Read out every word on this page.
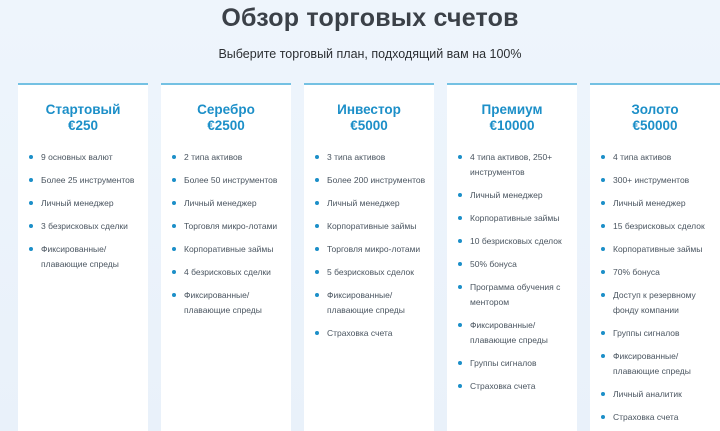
Обзор торговых счетов
Выберите торговый план, подходящий вам на 100%
Стартовый
€250
9 основных валют
Более 25 инструментов
Личный менеджер
3 безрисковых сделки
Фиксированные/ плавающие спреды
Серебро
€2500
2 типа активов
Более 50 инструментов
Личный менеджер
Торговля микро-лотами
Корпоративные займы
4 безрисковых сделки
Фиксированные/ плавающие спреды
Инвестор
€5000
3 типа активов
Более 200 инструментов
Личный менеджер
Корпоративные займы
Торговля микро-лотами
5 безрисковых сделок
Фиксированные/ плавающие спреды
Страховка счета
Премиум
€10000
4 типа активов, 250+ инструментов
Личный менеджер
Корпоративные займы
10 безрисковых сделок
50% бонуса
Программа обучения с ментором
Фиксированные/ плавающие спреды
Группы сигналов
Страховка счета
Золото
€50000
4 типа активов
300+ инструментов
Личный менеджер
15 безрисковых сделок
Корпоративные займы
70% бонуса
Доступ к резервному фонду компании
Группы сигналов
Фиксированные/ плавающие спреды
Личный аналитик
Страховка счета
